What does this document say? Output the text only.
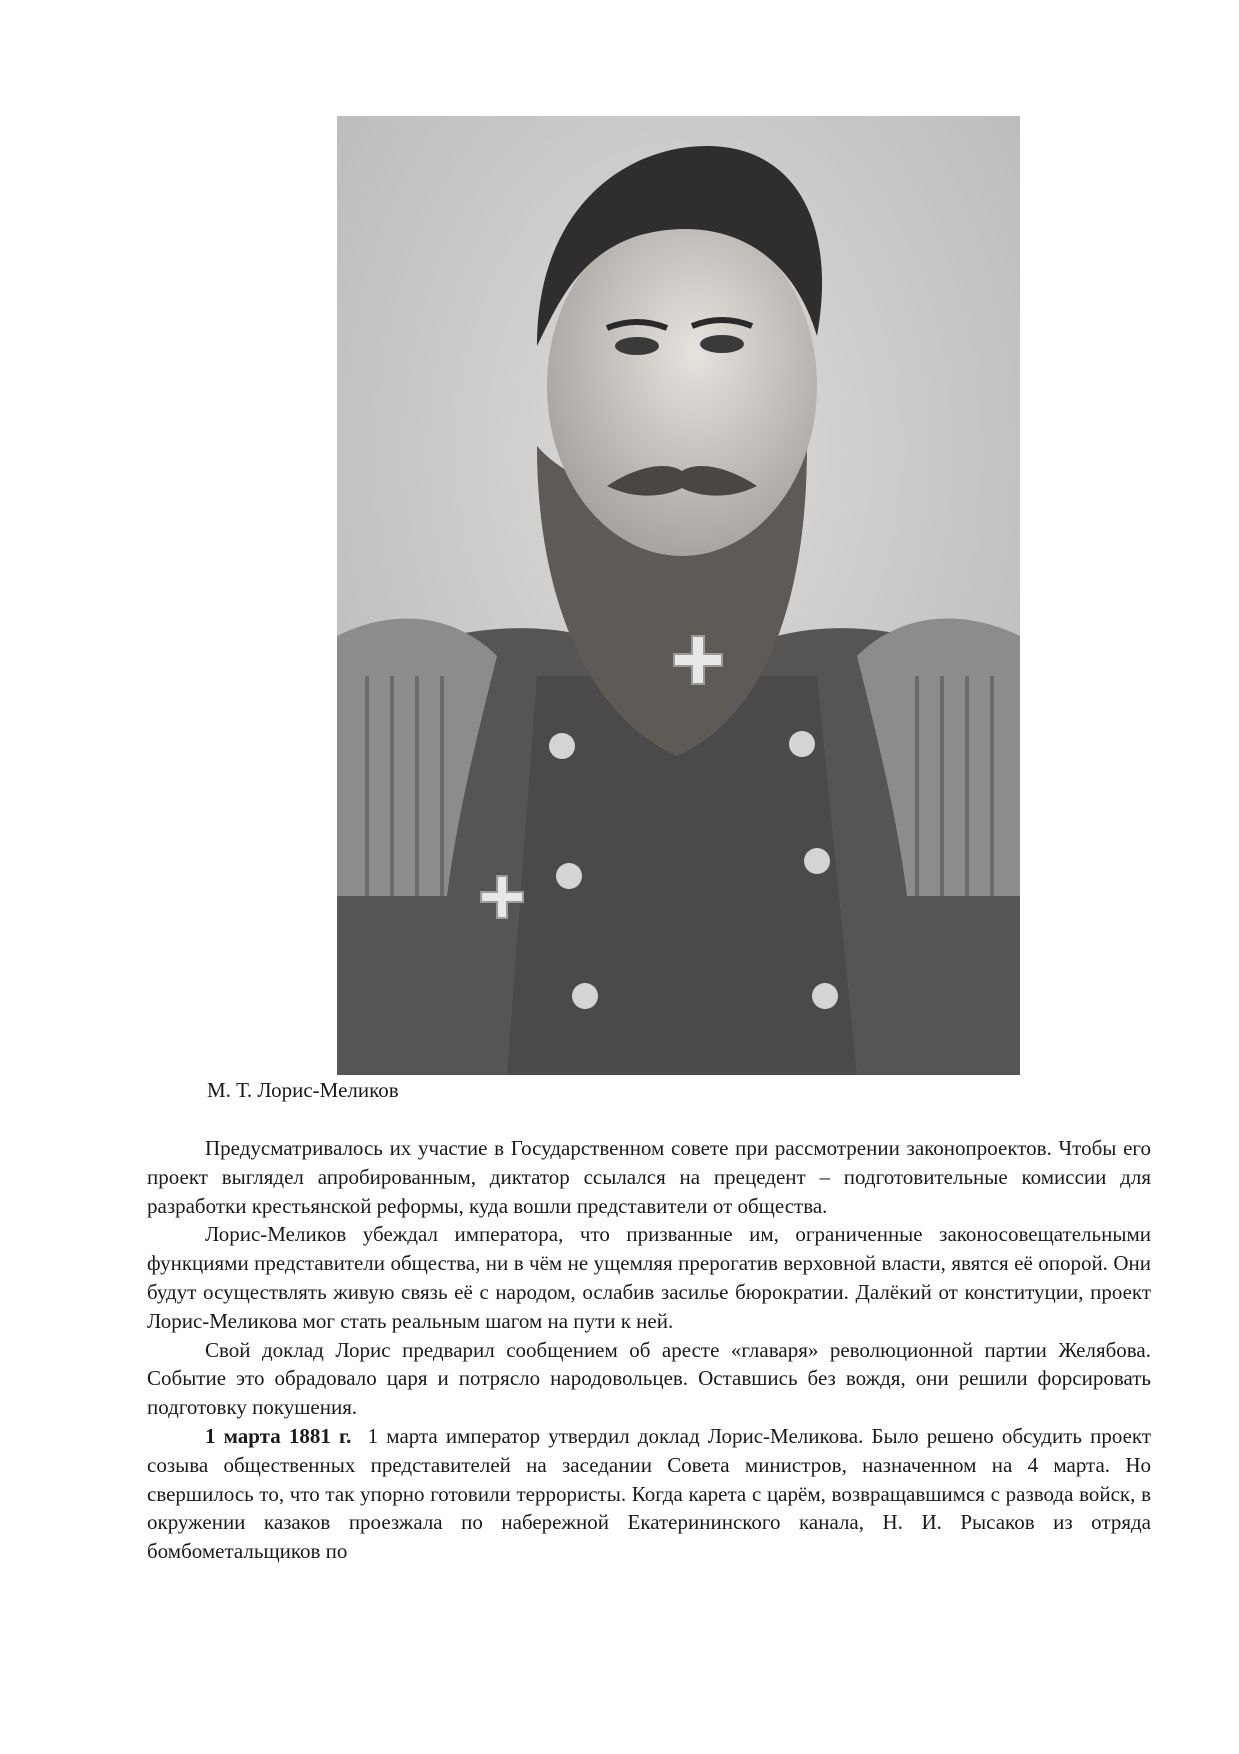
М. Т. Лорис-Меликов

Предусматривалось их участие в Государственном совете при рассмотрении законопроектов. Чтобы его проект выглядел апробированным, диктатор ссылался на прецедент – подготовительные комиссии для разработки крестьянской реформы, куда вошли представители от общества.

Лорис-Меликов убеждал императора, что призванные им, ограниченные законосовещательными функциями представители общества, ни в чём не ущемляя прерогатив верховной власти, явятся её опорой. Они будут осуществлять живую связь её с народом, ослабив засилье бюрократии. Далёкий от конституции, проект Лорис-Меликова мог стать реальным шагом на пути к ней.

Свой доклад Лорис предварил сообщением об аресте «главаря» революционной партии Желябова. Событие это обрадовало царя и потрясло народовольцев. Оставшись без вождя, они решили форсировать подготовку покушения.

1 марта 1881 г. 1 марта император утвердил доклад Лорис-Меликова. Было решено обсудить проект созыва общественных представителей на заседании Совета министров, назначенном на 4 марта. Но свершилось то, что так упорно готовили террористы. Когда карета с царём, возвращавшимся с развода войск, в окружении казаков проезжала по набережной Екатерининского канала, Н. И. Рысаков из отряда бомбометальщиков по
